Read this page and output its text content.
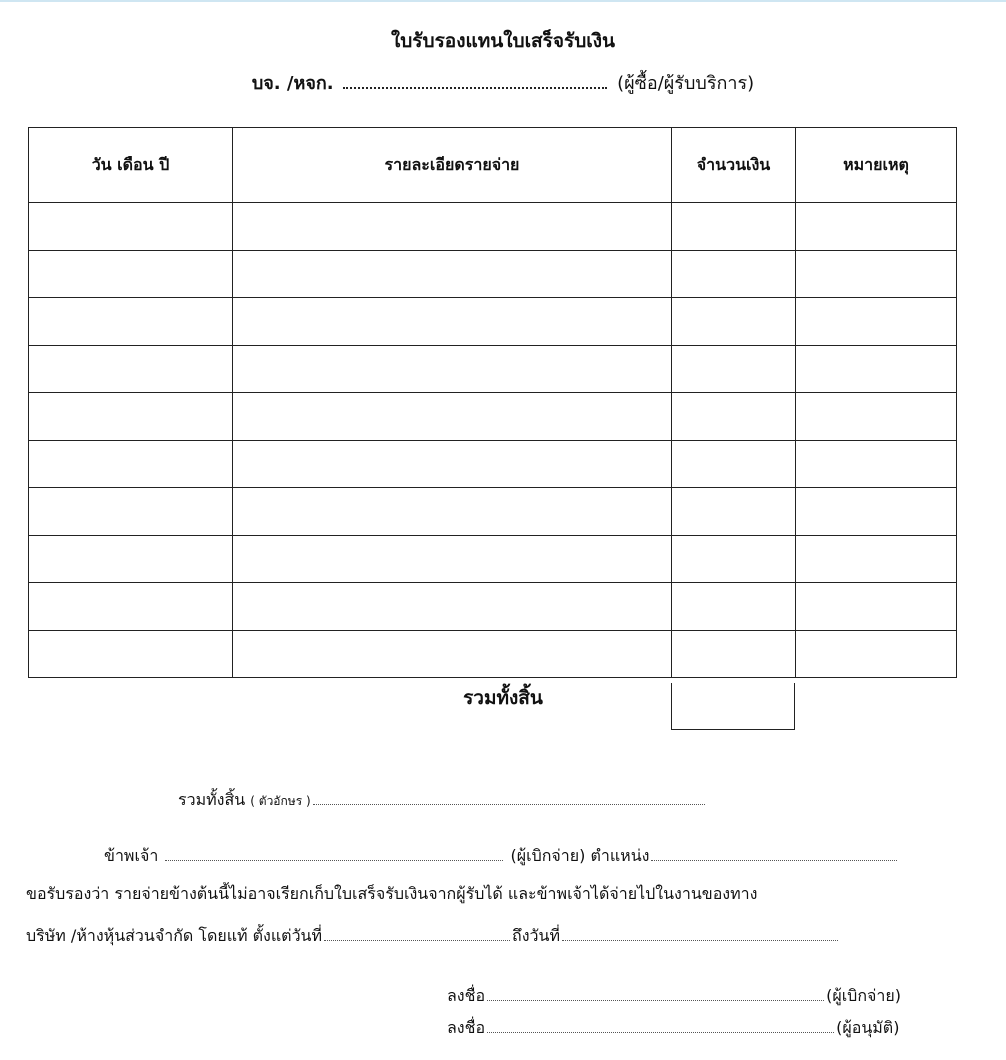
ใบรับรองแทนใบเสร็จรับเงิน
บจ. /หจก.	(ผู้ซื้อ/ผู้รับบริการ)
วัน เดือน ปี	รายละเอียดรายจ่าย	จำนวนเงิน	หมายเหตุ

รวมทั้งสิ้น
รวมทั้งสิ้น ( ตัวอักษร )
ข้าพเจ้า	(ผู้เบิกจ่าย) ตำแหน่ง
ขอรับรองว่า รายจ่ายข้างต้นนี้ไม่อาจเรียกเก็บใบเสร็จรับเงินจากผู้รับได้ และข้าพเจ้าได้จ่ายไปในงานของทาง
บริษัท /ห้างหุ้นส่วนจำกัด โดยแท้ ตั้งแต่วันที่	ถึงวันที่
ลงชื่อ	(ผู้เบิกจ่าย)
ลงชื่อ	(ผู้อนุมัติ)
